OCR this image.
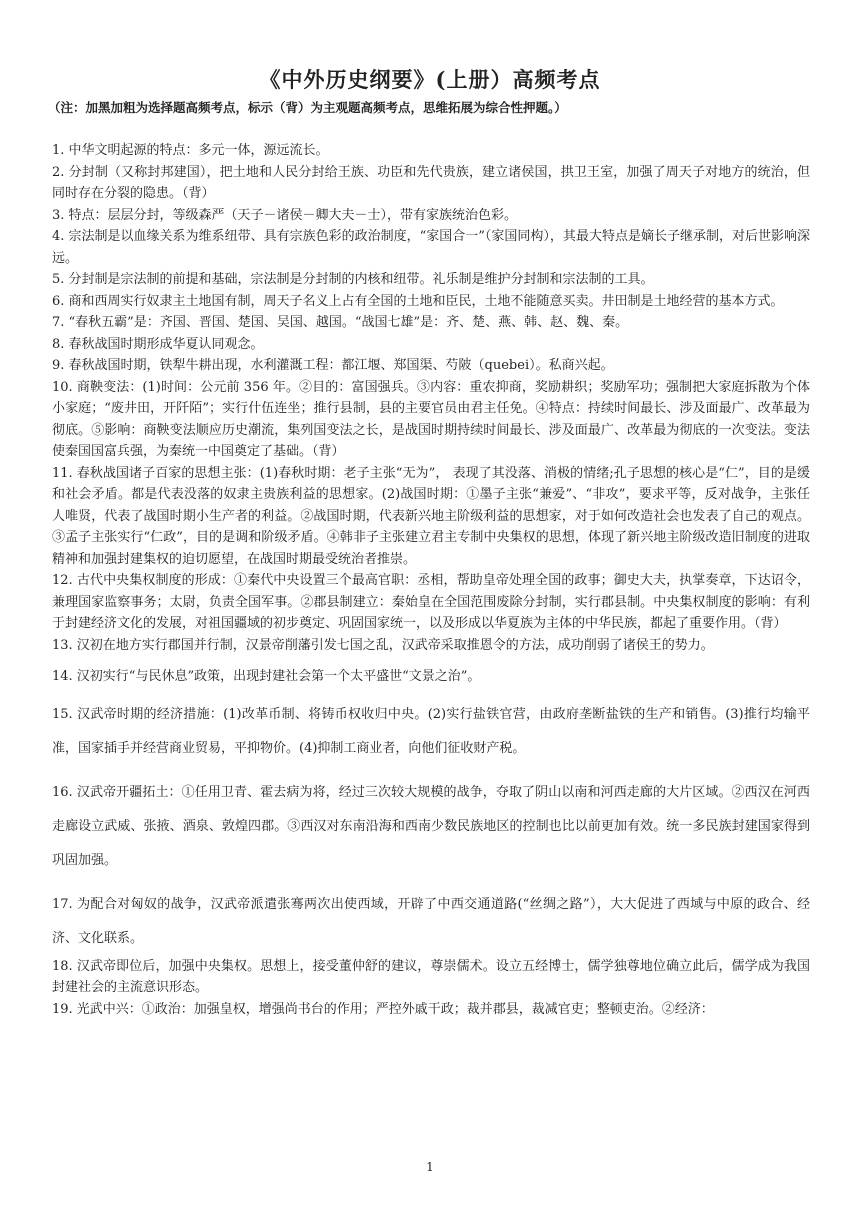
《中外历史纲要》(上册）高频考点
（注：加黑加粗为选择题高频考点，标示（背）为主观题高频考点，思维拓展为综合性押题。）

1. 中华文明起源的特点：多元一体，源远流长。

2. 分封制（又称封邦建国），把土地和人民分封给王族、功臣和先代贵族，建立诸侯国，拱卫王室，加强了周天子对地方的统治，但同时存在分裂的隐患。（背）

3. 特点：层层分封，等级森严（天子－诸侯－卿大夫－士），带有家族统治色彩。

4. 宗法制是以血缘关系为维系纽带、具有宗族色彩的政治制度，“家国合一”（家国同构），其最大特点是嫡长子继承制，对后世影响深远。

5. 分封制是宗法制的前提和基础，宗法制是分封制的内核和纽带。礼乐制是维护分封制和宗法制的工具。

6. 商和西周实行奴隶主土地国有制，周天子名义上占有全国的土地和臣民，土地不能随意买卖。井田制是土地经营的基本方式。

7. “春秋五霸”是：齐国、晋国、楚国、吴国、越国。“战国七雄”是：齐、楚、燕、韩、赵、魏、秦。

8. 春秋战国时期形成华夏认同观念。

9. 春秋战国时期，铁犁牛耕出现，水利灌溉工程：都江堰、郑国渠、芍陂（quebei）。私商兴起。

10. 商鞅变法：(1)时间：公元前 356 年。②目的：富国强兵。③内容：重农抑商，奖励耕织；奖励军功；强制把大家庭拆散为个体小家庭；“废井田，开阡陌”；实行什伍连坐；推行县制，县的主要官员由君主任免。④特点：持续时间最长、涉及面最广、改革最为彻底。⑤影响：商鞅变法顺应历史潮流，集列国变法之长，是战国时期持续时间最长、涉及面最广、改革最为彻底的一次变法。变法使秦国国富兵强，为秦统一中国奠定了基础。（背）

11. 春秋战国诸子百家的思想主张：(1)春秋时期：老子主张“无为”， 表现了其没落、消极的情绪;孔子思想的核心是“仁”，目的是缓和社会矛盾。都是代表没落的奴隶主贵族利益的思想家。(2)战国时期：①墨子主张“兼爱”、“非攻”，要求平等，反对战争，主张任人唯贤，代表了战国时期小生产者的利益。②战国时期，代表新兴地主阶级利益的思想家，对于如何改造社会也发表了自己的观点。③孟子主张实行“仁政”，目的是调和阶级矛盾。④韩非子主张建立君主专制中央集权的思想，体现了新兴地主阶级改造旧制度的进取精神和加强封建集权的迫切愿望，在战国时期最受统治者推崇。

12. 古代中央集权制度的形成：①秦代中央设置三个最高官职：丞相，帮助皇帝处理全国的政事；御史大夫，执掌奏章，下达诏令，兼理国家监察事务；太尉，负责全国军事。②郡县制建立：秦始皇在全国范围废除分封制，实行郡县制。中央集权制度的影响：有利于封建经济文化的发展，对祖国疆域的初步奠定、巩固国家统一，以及形成以华夏族为主体的中华民族，都起了重要作用。（背）

13. 汉初在地方实行郡国并行制，汉景帝削藩引发七国之乱，汉武帝采取推恩令的方法，成功削弱了诸侯王的势力。

14. 汉初实行“与民休息”政策，出现封建社会第一个太平盛世“文景之治”。

15. 汉武帝时期的经济措施：(1)改革币制、将铸币权收归中央。(2)实行盐铁官营，由政府垄断盐铁的生产和销售。(3)推行均输平准，国家插手并经营商业贸易，平抑物价。(4)抑制工商业者，向他们征收财产税。

16. 汉武帝开疆拓土：①任用卫青、霍去病为将，经过三次较大规模的战争，夺取了阴山以南和河西走廊的大片区域。②西汉在河西走廊设立武威、张掖、酒泉、敦煌四郡。③西汉对东南沿海和西南少数民族地区的控制也比以前更加有效。统一多民族封建国家得到巩固加强。

17. 为配合对匈奴的战争，汉武帝派遣张骞两次出使西域，开辟了中西交通道路(“丝绸之路”），大大促进了西域与中原的政合、经济、文化联系。

18. 汉武帝即位后，加强中央集权。思想上，接受董仲舒的建议，尊崇儒术。设立五经博士，儒学独尊地位确立此后，儒学成为我国封建社会的主流意识形态。

19. 光武中兴：①政治：加强皇权，增强尚书台的作用；严控外戚干政；裁并郡县，裁减官吏；整顿吏治。②经济：

1
